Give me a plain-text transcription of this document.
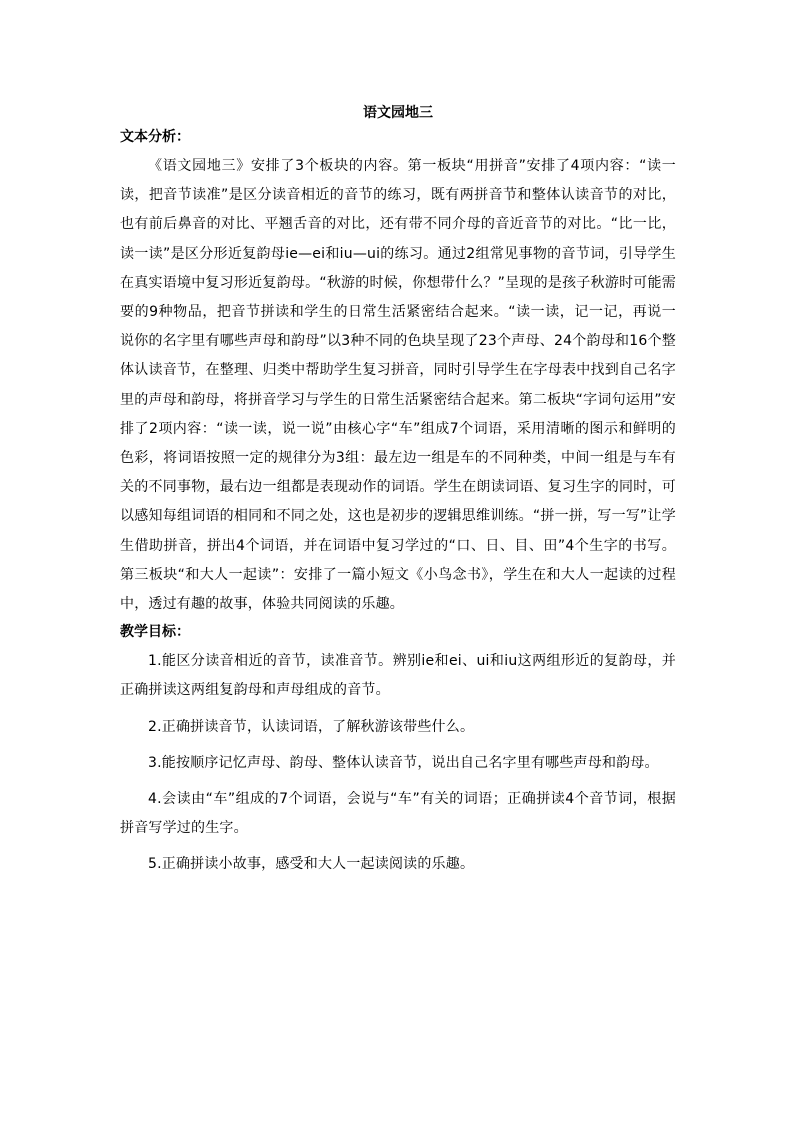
语文园地三
文本分析：

《语文园地三》安排了3个板块的内容。第一板块“用拼音”安排了4项内容：“读一读，把音节读准”是区分读音相近的音节的练习，既有两拼音节和整体认读音节的对比，也有前后鼻音的对比、平翘舌音的对比，还有带不同介母的音近音节的对比。“比一比，读一读”是区分形近复韵母ie—ei和iu—ui的练习。通过2组常见事物的音节词，引导学生在真实语境中复习形近复韵母。“秋游的时候，你想带什么？”呈现的是孩子秋游时可能需要的9种物品，把音节拼读和学生的日常生活紧密结合起来。“读一读，记一记，再说一说你的名字里有哪些声母和韵母”以3种不同的色块呈现了23个声母、24个韵母和16个整体认读音节，在整理、归类中帮助学生复习拼音，同时引导学生在字母表中找到自己名字里的声母和韵母，将拼音学习与学生的日常生活紧密结合起来。第二板块“字词句运用”安排了2项内容：“读一读，说一说”由核心字“车”组成7个词语，采用清晰的图示和鲜明的色彩，将词语按照一定的规律分为3组：最左边一组是车的不同种类，中间一组是与车有关的不同事物，最右边一组都是表现动作的词语。学生在朗读词语、复习生字的同时，可以感知每组词语的相同和不同之处，这也是初步的逻辑思维训练。“拼一拼，写一写”让学生借助拼音，拼出4个词语，并在词语中复习学过的“口、日、目、田”4个生字的书写。第三板块“和大人一起读”：安排了一篇小短文《小鸟念书》，学生在和大人一起读的过程中，透过有趣的故事，体验共同阅读的乐趣。

教学目标：

1.能区分读音相近的音节，读准音节。辨别ie和ei、ui和iu这两组形近的复韵母，并正确拼读这两组复韵母和声母组成的音节。

2.正确拼读音节，认读词语，了解秋游该带些什么。

3.能按顺序记忆声母、韵母、整体认读音节，说出自己名字里有哪些声母和韵母。

4.会读由“车”组成的7个词语，会说与“车”有关的词语；正确拼读4个音节词，根据拼音写学过的生字。

5.正确拼读小故事，感受和大人一起读阅读的乐趣。
